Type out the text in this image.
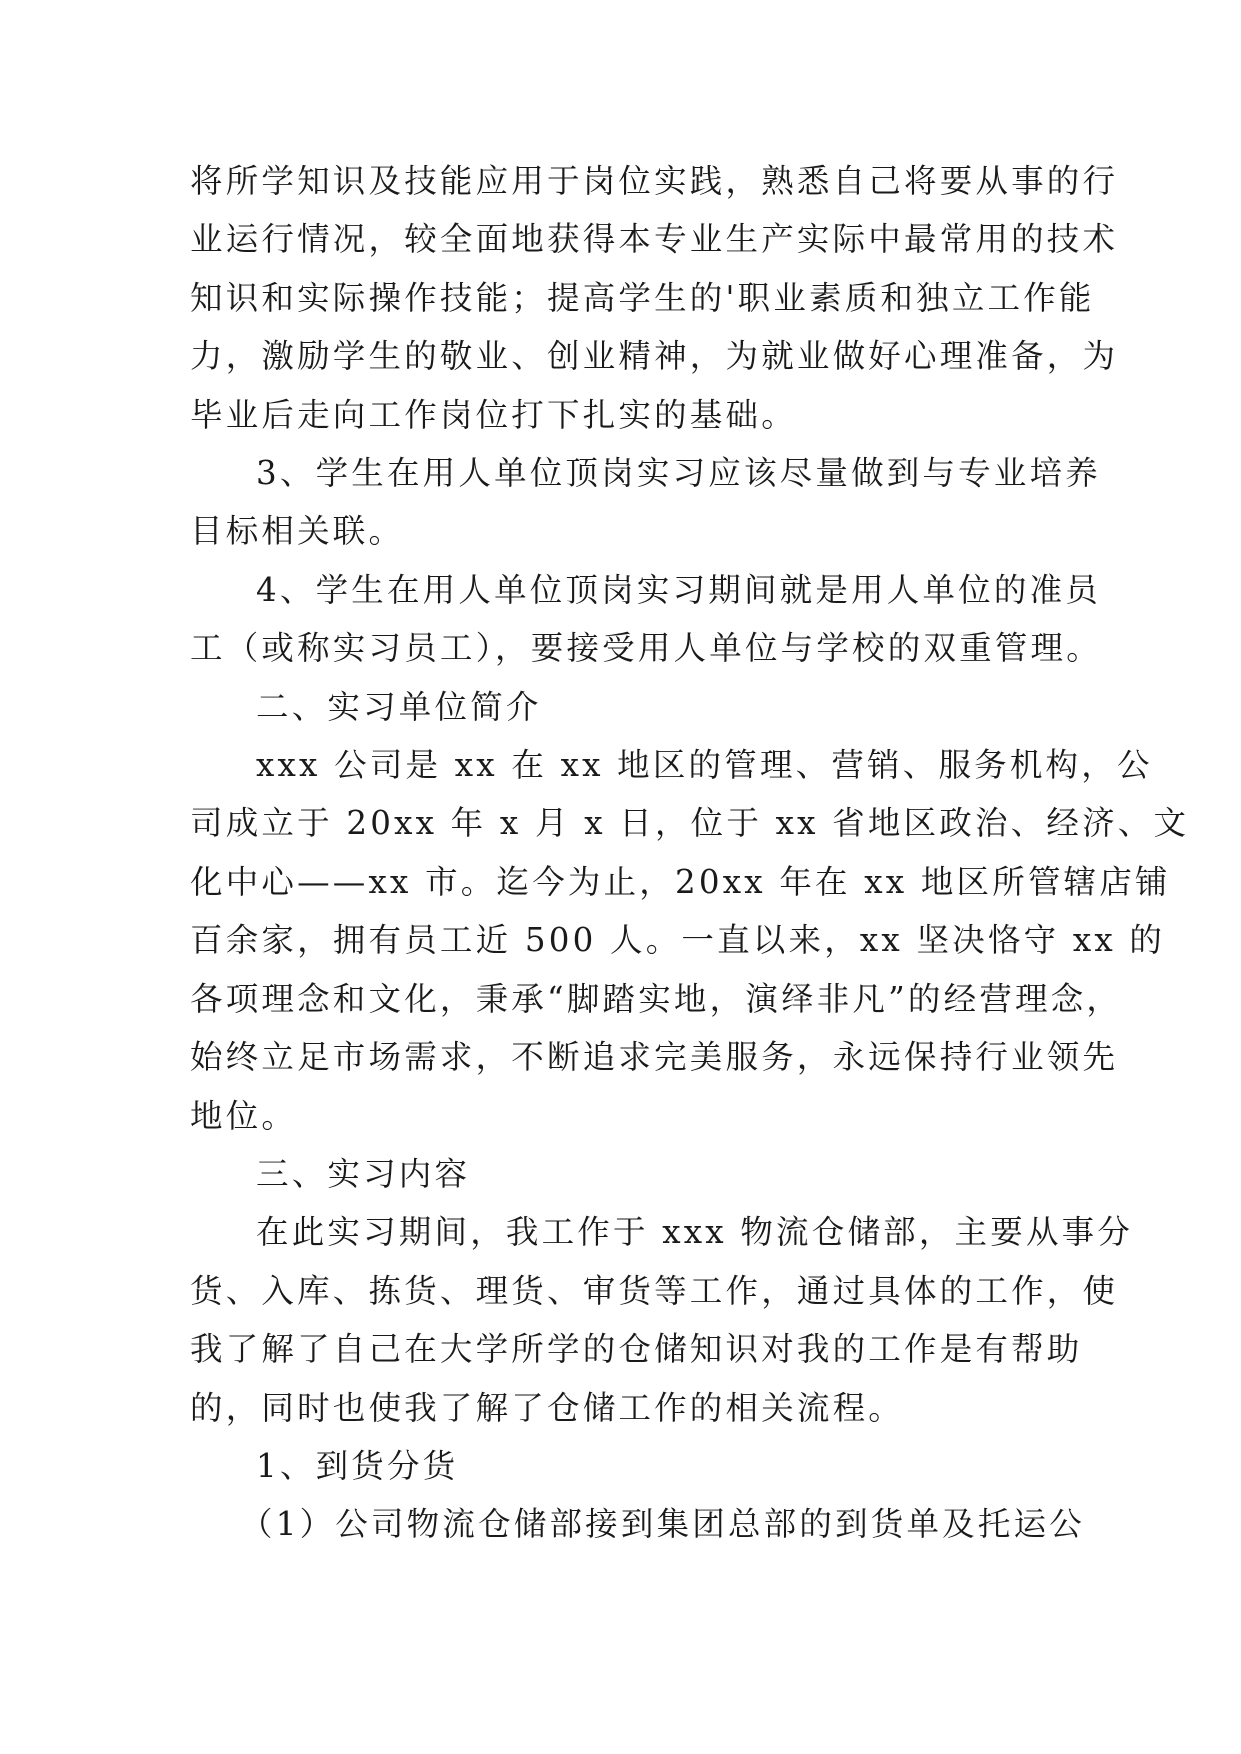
将所学知识及技能应用于岗位实践，熟悉自己将要从事的行
业运行情况，较全面地获得本专业生产实际中最常用的技术
知识和实际操作技能；提高学生的'职业素质和独立工作能
力，激励学生的敬业、创业精神，为就业做好心理准备，为
毕业后走向工作岗位打下扎实的基础。
3、学生在用人单位顶岗实习应该尽量做到与专业培养
目标相关联。
4、学生在用人单位顶岗实习期间就是用人单位的准员
工（或称实习员工），要接受用人单位与学校的双重管理。
二、实习单位简介
xxx 公司是 xx 在 xx 地区的管理、营销、服务机构，公
司成立于 20xx 年 x 月 x 日，位于 xx 省地区政治、经济、文
化中心——xx 市。迄今为止，20xx 年在 xx 地区所管辖店铺
百余家，拥有员工近 500 人。一直以来，xx 坚决恪守 xx 的
各项理念和文化，秉承“脚踏实地，演绎非凡”的经营理念，
始终立足市场需求，不断追求完美服务，永远保持行业领先
地位。
三、实习内容
在此实习期间，我工作于 xxx 物流仓储部，主要从事分
货、入库、拣货、理货、审货等工作，通过具体的工作，使
我了解了自己在大学所学的仓储知识对我的工作是有帮助
的，同时也使我了解了仓储工作的相关流程。
1、到货分货
（1）公司物流仓储部接到集团总部的到货单及托运公
